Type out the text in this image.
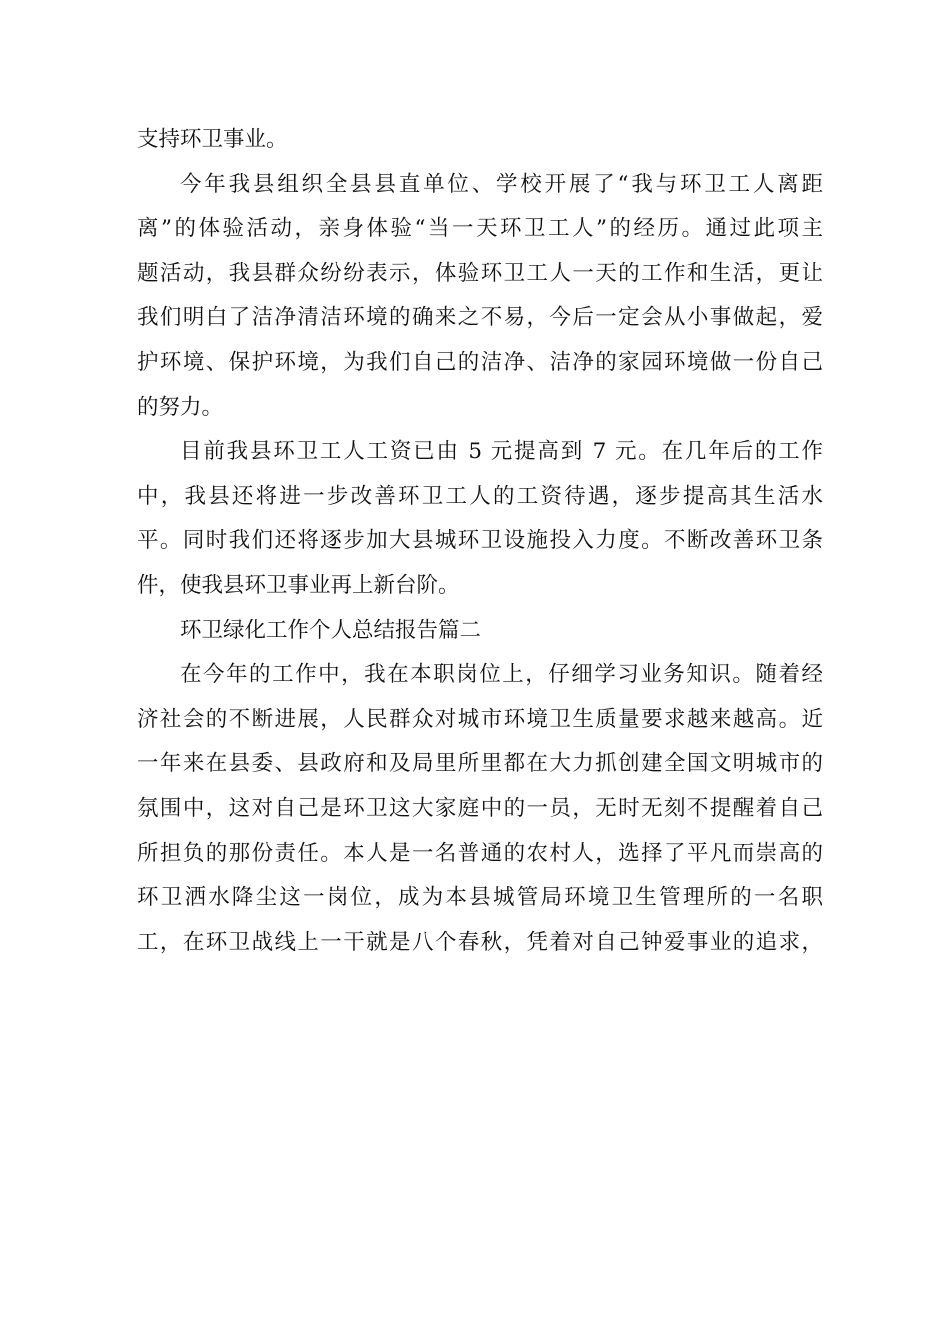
支持环卫事业。
今年我县组织全县县直单位、学校开展了“我与环卫工人离距
离”的体验活动，亲身体验“当一天环卫工人”的经历。通过此项主
题活动，我县群众纷纷表示，体验环卫工人一天的工作和生活，更让
我们明白了洁净清洁环境的确来之不易，今后一定会从小事做起，爱
护环境、保护环境，为我们自己的洁净、洁净的家园环境做一份自己
的努力。
目前我县环卫工人工资已由 5 元提高到 7 元。在几年后的工作
中，我县还将进一步改善环卫工人的工资待遇，逐步提高其生活水
平。同时我们还将逐步加大县城环卫设施投入力度。不断改善环卫条
件，使我县环卫事业再上新台阶。
环卫绿化工作个人总结报告篇二
在今年的工作中，我在本职岗位上，仔细学习业务知识。随着经
济社会的不断进展，人民群众对城市环境卫生质量要求越来越高。近
一年来在县委、县政府和及局里所里都在大力抓创建全国文明城市的
氛围中，这对自己是环卫这大家庭中的一员，无时无刻不提醒着自己
所担负的那份责任。本人是一名普通的农村人，选择了平凡而崇高的
环卫洒水降尘这一岗位，成为本县城管局环境卫生管理所的一名职
工，在环卫战线上一干就是八个春秋，凭着对自己钟爱事业的追求，
